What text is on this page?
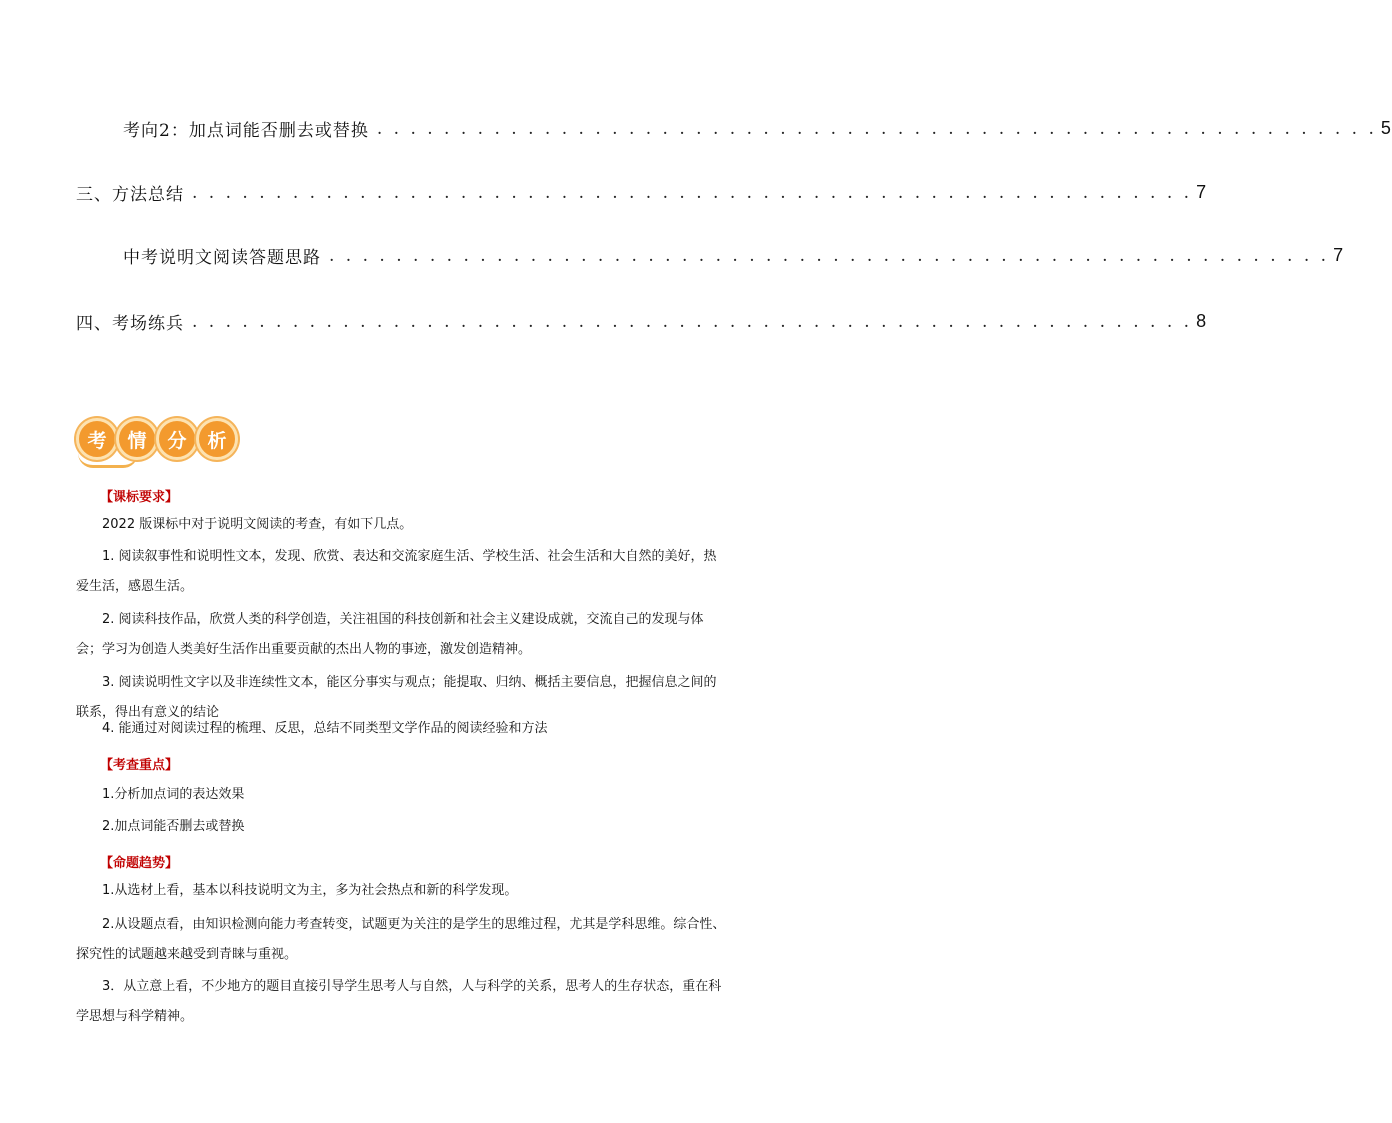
考向2：加点词能否删去或替换 . . . . . . . . . . . . . . . . . . . . . . . . . . . . . . . . . . . . . . . . . . . . . . . . . . . . . . . . . . . . 5
三、方法总结 . . . . . . . . . . . . . . . . . . . . . . . . . . . . . . . . . . . . . . . . . . . . . . . . . . . . . . . . . . . . 7
中考说明文阅读答题思路 . . . . . . . . . . . . . . . . . . . . . . . . . . . . . . . . . . . . . . . . . . . . . . . . . . . . . . . . . . . . 7
四、考场练兵 . . . . . . . . . . . . . . . . . . . . . . . . . . . . . . . . . . . . . . . . . . . . . . . . . . . . . . . . . . . . 8
考	情	分	析
【课标要求】
2022 版课标中对于说明文阅读的考查，有如下几点。
1. 阅读叙事性和说明性文本，发现、欣赏、表达和交流家庭生活、学校生活、社会生活和大自然的美好，热爱生活，感恩生活。
2. 阅读科技作品，欣赏人类的科学创造，关注祖国的科技创新和社会主义建设成就，交流自己的发现与体会；学习为创造人类美好生活作出重要贡献的杰出人物的事迹，激发创造精神。
3. 阅读说明性文字以及非连续性文本，能区分事实与观点；能提取、归纳、概括主要信息，把握信息之间的联系，得出有意义的结论
4. 能通过对阅读过程的梳理、反思，总结不同类型文学作品的阅读经验和方法
【考查重点】
1.分析加点词的表达效果
2.加点词能否删去或替换
【命题趋势】
1.从选材上看，基本以科技说明文为主，多为社会热点和新的科学发现。
2.从设题点看，由知识检测向能力考查转变，试题更为关注的是学生的思维过程，尤其是学科思维。综合性、探究性的试题越来越受到青睐与重视。
3．从立意上看，不少地方的题目直接引导学生思考人与自然，人与科学的关系，思考人的生存状态，重在科学思想与科学精神。
